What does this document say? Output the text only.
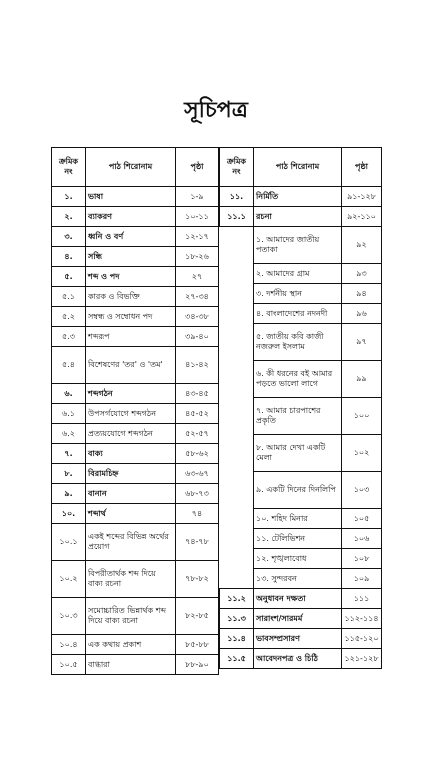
সূচিপত্র
ক্রমিক নং	পাঠ শিরোনাম	পৃষ্ঠা
১.	ভাষা	১-৯
২.	ব্যাকরণ	১০-১১
৩.	ধ্বনি ও বর্ণ	১২-১৭
৪.	সন্ধি	১৮-২৬
৫.	শব্দ ও পদ	২৭
৫.১	কারক ও বিভক্তি	২৭-৩৪
৫.২	সম্বন্ধ ও সম্বোধন পদ	৩৪-৩৮
৫.৩	শব্দরূপ	৩৯-৪০
৫.৪	বিশেষণের 'তর' ও 'তম'	৪১-৪২
৬.	শব্দগঠন	৪৩-৪৫
৬.১	উপসর্গযোগে শব্দগঠন	৪৫-৫২
৬.২	প্রত্যয়যোগে শব্দগঠন	৫২-৫৭
৭.	বাক্য	৫৮-৬২
৮.	বিরামচিহ্ন	৬৩-৬৭
৯.	বানান	৬৮-৭৩
১০.	শব্দার্থ	৭৪
১০.১	একই শব্দের বিভিন্ন অর্থের প্রয়োগ	৭৪-৭৮
১০.২	বিপরীতার্থক শব্দ দিয়ে বাক্য রচনা	৭৮-৮২
১০.৩	সমোচ্চারিত ভিন্নার্থক শব্দ দিয়ে বাক্য রচনা	৮২-৮৫
১০.৪	এক কথায় প্রকাশ	৮৫-৮৮
১০.৫	বাগ্ধারা	৮৮-৯০
ক্রমিক নং	পাঠ শিরোনাম	পৃষ্ঠা
১১.	নির্মিতি	৯১-১২৮
১১.১	রচনা	৯২-১১০
	১. আমাদের জাতীয় পতাকা	৯২
	২. আমাদের গ্রাম	৯৩
	৩. দর্শনীয় স্থান	৯৪
	৪. বাংলাদেশের নদনদী	৯৬
	৫. জাতীয় কবি কাজী নজরুল ইসলাম	৯৭
	৬. কী ধরনের বই আমার পড়তে ভালো লাগে	৯৯
	৭. আমার চারপাশের প্রকৃতি	১০০
	৮. আমার দেখা একটি মেলা	১০২
	৯. একটি দিনের দিনলিপি	১০৩
	১০. শহিদ মিনার	১০৫
	১১. টেলিভিশন	১০৬
	১২. শৃঙ্খলাবোধ	১০৮
	১৩. সুন্দরবন	১০৯
১১.২	অনুধাবন দক্ষতা	১১১
১১.৩	সারাংশ/সারমর্ম	১১২-১১৪
১১.৪	ভাবসম্প্রসারণ	১১৫-১২০
১১.৫	আবেদনপত্র ও চিঠি	১২১-১২৮
